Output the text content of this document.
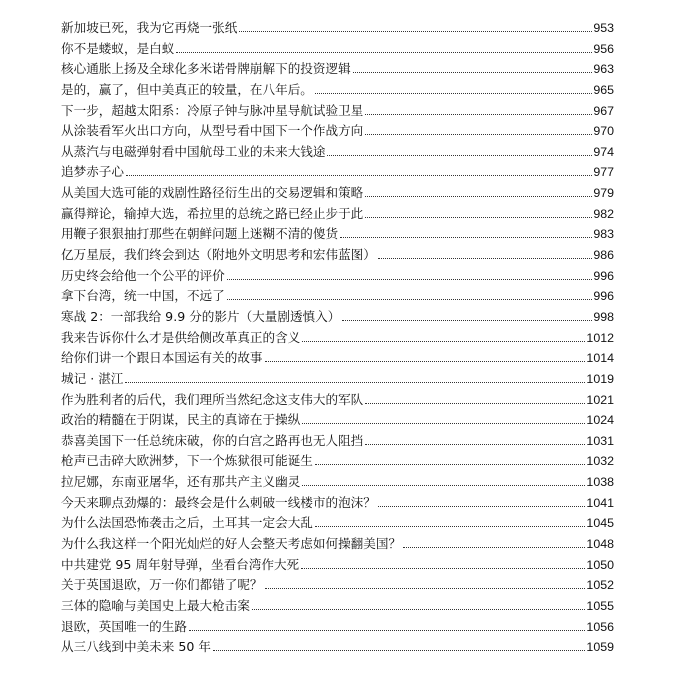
新加坡已死，我为它再烧一张纸	953
你不是蝼蚁，是白蚁	956
核心通胀上扬及全球化多米诺骨牌崩解下的投资逻辑	963
是的，赢了，但中美真正的较量，在八年后。	965
下一步，超越太阳系：冷原子钟与脉冲星导航试验卫星	967
从涂装看军火出口方向，从型号看中国下一个作战方向	970
从蒸汽与电磁弹射看中国航母工业的未来大钱途	974
追梦赤子心	977
从美国大选可能的戏剧性路径衍生出的交易逻辑和策略	979
赢得辩论，输掉大选，希拉里的总统之路已经止步于此	982
用鞭子狠狠抽打那些在朝鲜问题上迷糊不清的傻货	983
亿万星辰，我们终会到达（附地外文明思考和宏伟蓝图）	986
历史终会给他一个公平的评价	996
拿下台湾，统一中国，不远了	996
寒战 2：一部我给 9.9 分的影片（大量剧透慎入）	998
我来告诉你什么才是供给侧改革真正的含义	1012
给你们讲一个跟日本国运有关的故事	1014
城记 · 湛江	1019
作为胜利者的后代，我们理所当然纪念这支伟大的军队	1021
政治的精髓在于阴谋，民主的真谛在于操纵	1024
恭喜美国下一任总统床破，你的白宫之路再也无人阻挡	1031
枪声已击碎大欧洲梦，下一个炼狱很可能诞生	1032
拉尼娜，东南亚屠华，还有那共产主义幽灵	1038
今天来聊点劲爆的：最终会是什么刺破一线楼市的泡沫？	1041
为什么法国恐怖袭击之后，土耳其一定会大乱	1045
为什么我这样一个阳光灿烂的好人会整天考虑如何操翻美国？	1048
中共建党 95 周年射导弹，坐看台湾作大死	1050
关于英国退欧，万一你们都错了呢？	1052
三体的隐喻与美国史上最大枪击案	1055
退欧，英国唯一的生路	1056
从三八线到中美未来 50 年	1059
